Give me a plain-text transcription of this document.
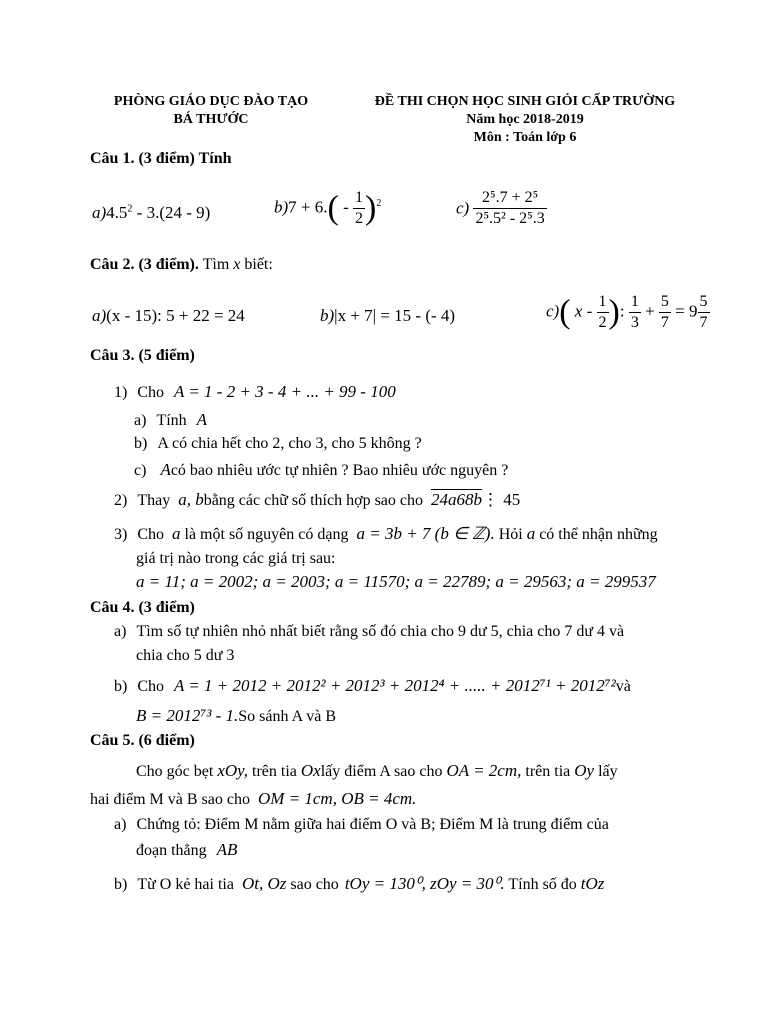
PHÒNG GIÁO DỤC ĐÀO TẠO
BÁ THƯỚC
ĐỀ THI CHỌN HỌC SINH GIỎI CẤP TRƯỜNG
Năm học 2018-2019
Môn : Toán lớp 6
Câu 1. (3 điểm) Tính
$a)4.5^2 - 3.(24 - 9)$	$b)7 + 6.( - \frac{1}{2} )^2$	$c) \frac{\text{2⁵.7 + 2⁵}}{\text{2⁵.5² - 2⁵.3}}$
Câu 2. (3 điểm). Tìm x biết:
a)(x - 15): 5 + 22 = 24	b)|x + 7| = 15 - (- 4)	c)( x - $\frac{1}{2}$ ): $\frac{1}{3} + \frac{5}{7} = 9 \frac{5}{7}$
Câu 3. (5 điểm)
1) Cho A = 1 - 2 + 3 - 4 + ... + 99 - 100
a) Tính A
b) A có chia hết cho 2, cho 3, cho 5 không ?
c) Acó bao nhiêu ước tự nhiên ? Bao nhiêu ước nguyên ?
2) Thay a, bbằng các chữ số thích hợp sao cho 24a68b⋮ 45
3) Cho a là một số nguyên có dạng a = 3b + 7 (b ∈ ℤ). Hỏi a có thể nhận những
giá trị nào trong các giá trị sau:
a = 11; a = 2002; a = 2003; a = 11570; a = 22789; a = 29563; a = 299537
Câu 4. (3 điểm)
a) Tìm số tự nhiên nhỏ nhất biết rằng số đó chia cho 9 dư 5, chia cho 7 dư 4 và
chia cho 5 dư 3
b) Cho A = 1 + 2012 + 2012² + 2012³ + 2012⁴ + ..... + 2012⁷¹ + 2012⁷²và
B = 2012⁷³ - 1.So sánh A và B
Câu 5. (6 điểm)
Cho góc bẹt xOy, trên tia Oxlấy điểm A sao cho OA = 2cm, trên tia Oy lấy
hai điểm M và B sao cho OM = 1cm, OB = 4cm.
a) Chứng tỏ: Điểm M nằm giữa hai điểm O và B; Điểm M là trung điểm của
đoạn thẳng AB
b) Từ O kẻ hai tia Ot, Oz sao cho tOy = 130⁰, zOy = 30⁰. Tính số đo tOz
